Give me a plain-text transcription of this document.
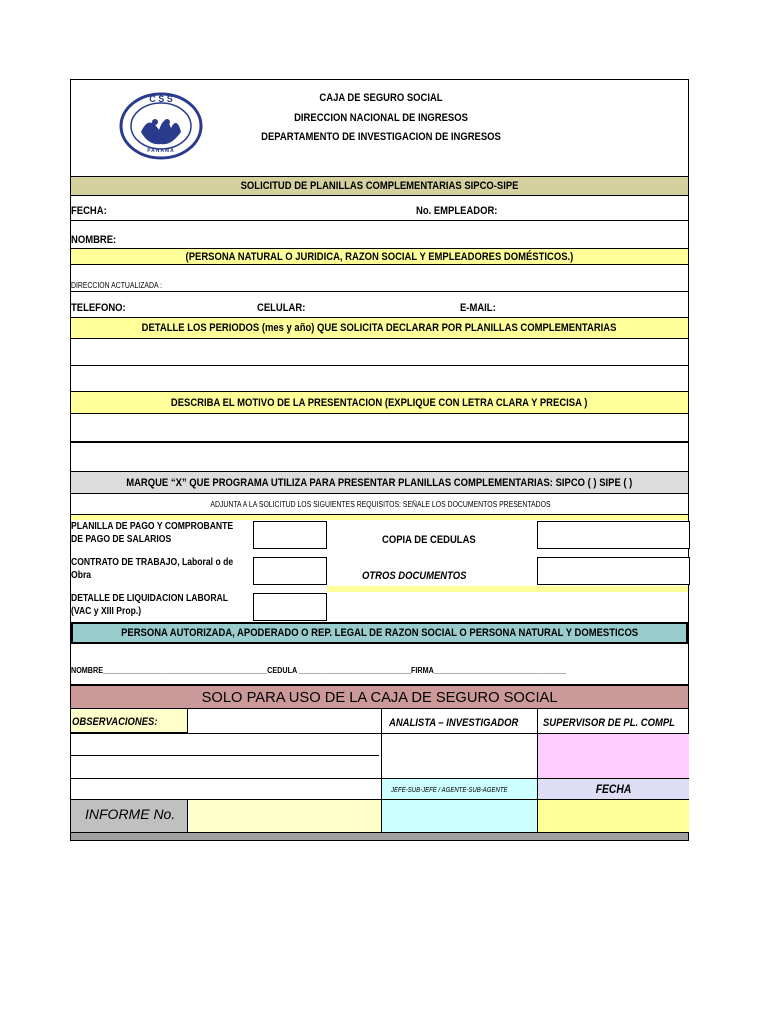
C S S
PANAMA
CAJA DE SEGURO SOCIAL
DIRECCION NACIONAL DE INGRESOS
DEPARTAMENTO DE INVESTIGACION DE INGRESOS
SOLICITUD DE PLANILLAS COMPLEMENTARIAS SIPCO-SIPE
FECHA:	No. EMPLEADOR:
NOMBRE:
(PERSONA NATURAL O JURIDICA, RAZON SOCIAL Y EMPLEADORES DOMÉSTICOS.)
DIRECCION ACTUALIZADA :
TELEFONO:	CELULAR:	E-MAIL:
DETALLE LOS PERIODOS (mes y año) QUE SOLICITA DECLARAR POR PLANILLAS COMPLEMENTARIAS
DESCRIBA EL MOTIVO DE LA PRESENTACION (EXPLIQUE CON LETRA CLARA Y PRECISA )
MARQUE “X” QUE PROGRAMA UTILIZA PARA PRESENTAR PLANILLAS COMPLEMENTARIAS: SIPCO ( ) SIPE ( )
ADJUNTA A LA SOLICITUD LOS SIGUIENTES REQUISITOS: SEÑALE LOS DOCUMENTOS PRESENTADOS
PLANILLA DE PAGO Y COMPROBANTE
DE PAGO DE SALARIOS	COPIA DE CEDULAS
CONTRATO DE TRABAJO, Laboral o de
Obra	OTROS DOCUMENTOS
DETALLE DE LIQUIDACION LABORAL
(VAC y XIII Prop.)
PERSONA AUTORIZADA, APODERADO O REP. LEGAL DE RAZON SOCIAL O PERSONA NATURAL Y DOMESTICOS
NOMBRE_________________________________________CEDULA ____________________________FIRMA_________________________________
SOLO PARA USO DE LA CAJA DE SEGURO SOCIAL
OBSERVACIONES:	ANALISTA – INVESTIGADOR SUPERVISOR DE PL. COMPL
JEFE-SUB-JEFE / AGENTE-SUB-AGENTE	FECHA
INFORME No.
